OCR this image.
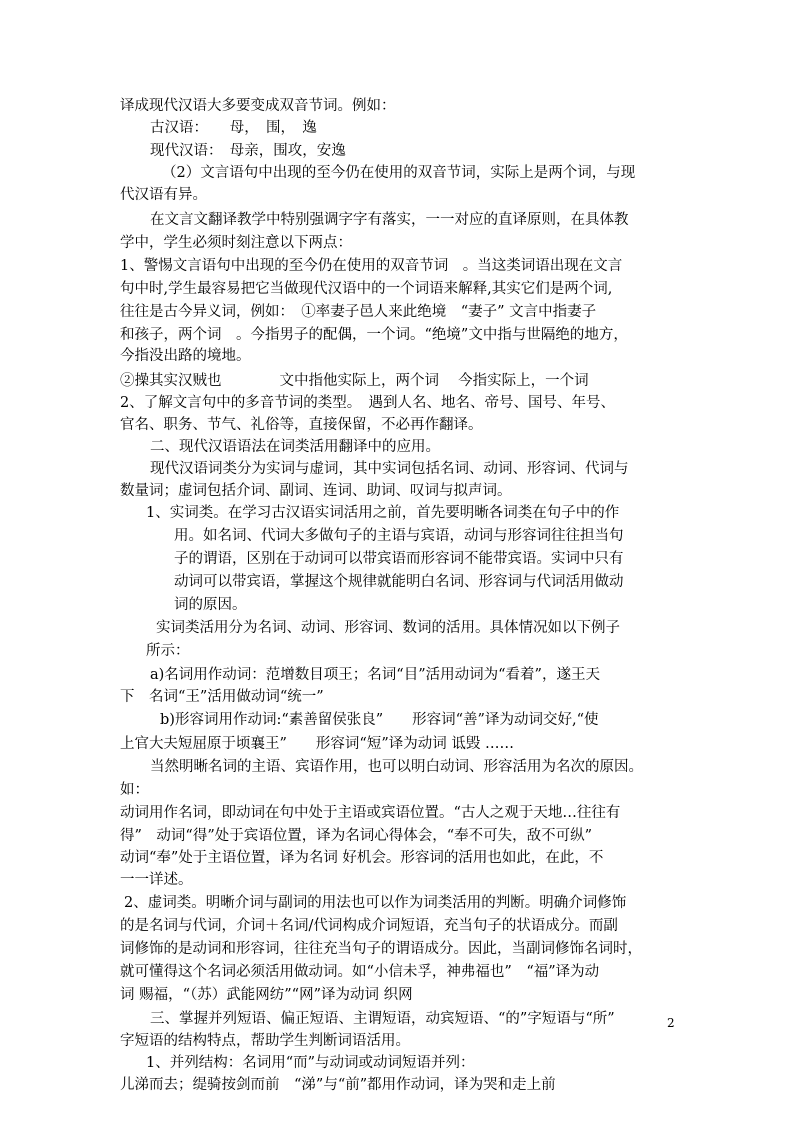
译成现代汉语大多要变成双音节词。例如：
古汉语：　　母，　围，　逸
现代汉语：　母亲，围攻，安逸
（2）文言语句中出现的至今仍在使用的双音节词，实际上是两个词，与现
代汉语有异。
在文言文翻译教学中特别强调字字有落实，一一对应的直译原则，在具体教
学中，学生必须时刻注意以下两点：
1、警惕文言语句中出现的至今仍在使用的双音节词　。当这类词语出现在文言
句中时,学生最容易把它当做现代汉语中的一个词语来解释,其实它们是两个词,
往往是古今异义词，例如：　①率妻子邑人来此绝境　“妻子” 文言中指妻子
和孩子，两个词　。今指男子的配偶，一个词。“绝境”文中指与世隔绝的地方，
今指没出路的境地。
②操其实汉贼也　　　　文中指他实际上，两个词　 今指实际上，一个词
2、了解文言句中的多音节词的类型。　遇到人名、地名、帝号、国号、年号、
官名、职务、节气、礼俗等，直接保留，不必再作翻译。
二、现代汉语语法在词类活用翻译中的应用。
现代汉语词类分为实词与虚词，其中实词包括名词、动词、形容词、代词与
数量词；虚词包括介词、副词、连词、助词、叹词与拟声词。
1、实词类。在学习古汉语实词活用之前，首先要明晰各词类在句子中的作
用。如名词、代词大多做句子的主语与宾语，动词与形容词往往担当句
子的谓语，区别在于动词可以带宾语而形容词不能带宾语。实词中只有
动词可以带宾语，掌握这个规律就能明白名词、形容词与代词活用做动
词的原因。
实词类活用分为名词、动词、形容词、数词的活用。具体情况如以下例子
所示：
a)名词用作动词：范增数目项王；名词“目”活用动词为“看着”，遂王天
下　名词“王”活用做动词“统一”
b)形容词用作动词:“素善留侯张良”　　形容词“善”译为动词交好,“使
上官大夫短屈原于顷襄王”　　形容词“短”译为动词 诋毁 ……
当然明晰名词的主语、宾语作用，也可以明白动词、形容活用为名次的原因。
如：
动词用作名词，即动词在句中处于主语或宾语位置。“古人之观于天地…往往有
得”　动词“得”处于宾语位置，译为名词心得体会，“奉不可失，敌不可纵”
动词“奉”处于主语位置，译为名词 好机会。形容词的活用也如此，在此，不
一一详述。
2、虚词类。明晰介词与副词的用法也可以作为词类活用的判断。明确介词修饰
的是名词与代词，介词＋名词/代词构成介词短语，充当句子的状语成分。而副
词修饰的是动词和形容词，往往充当句子的谓语成分。因此，当副词修饰名词时，
就可懂得这个名词必须活用做动词。如“小信未孚，神弗福也”　“福”译为动
词 赐福，“（苏）武能网纺”“网”译为动词 织网
三、掌握并列短语、偏正短语、主谓短语，动宾短语、“的”字短语与“所”
字短语的结构特点，帮助学生判断词语活用。
1、并列结构：名词用“而”与动词或动词短语并列：
儿涕而去；缇骑按剑而前　“涕”与“前”都用作动词，译为哭和走上前
2
